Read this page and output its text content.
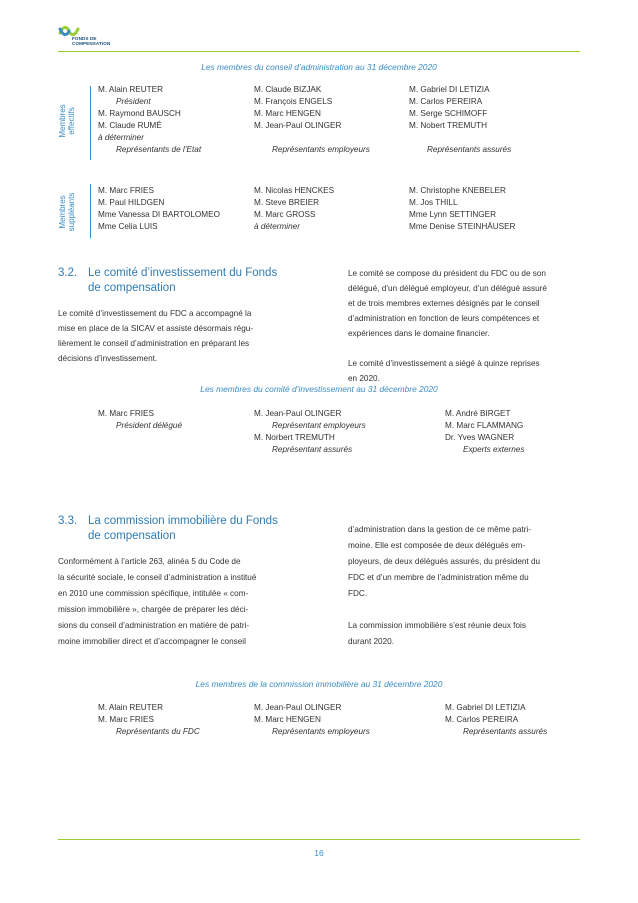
FONDS DE
COMPENSATION
Les membres du conseil d’administration au 31 décembre 2020
Membres effectifs
M. Alain REUTER
Président
M. Raymond BAUSCH
M. Claude RUMÉ
à déterminer
Représentants de l’Etat
M. Claude BIZJAK
M. François ENGELS
M. Marc HENGEN
M. Jean-Paul OLINGER
Représentants employeurs
M. Gabriel DI LETIZIA
M. Carlos PEREIRA
M. Serge SCHIMOFF
M. Nobert TREMUTH
Représentants assurés
Membres suppléants
M. Marc FRIES
M. Paul HILDGEN
Mme Vanessa DI BARTOLOMEO
Mme Celia LUIS
M. Nicolas HENCKES
M. Steve BREIER
M. Marc GROSS
à déterminer
M. Christophe KNEBELER
M. Jos THILL
Mme Lynn SETTINGER
Mme Denise STEINHÄUSER
3.2. Le comité d’investissement du Fonds
de compensation
Le comité d’investissement du FDC a accompagné la
mise en place de la SICAV et assiste désormais régu-
lièrement le conseil d’administration en préparant les
décisions d’investissement.
Le comité se compose du président du FDC ou de son
délégué, d’un délégué employeur, d’un délégué assuré
et de trois membres externes désignés par le conseil
d’administration en fonction de leurs compétences et
expériences dans le domaine financier.
Le comité d’investissement a siégé à quinze reprises
en 2020.
Les membres du comité d’investissement au 31 décembre 2020
M. Marc FRIES
Président délégué
M. Jean-Paul OLINGER
Représentant employeurs
M. Norbert TREMUTH
Représentant assurés
M. André BIRGET
M. Marc FLAMMANG
Dr. Yves WAGNER
Experts externes
3.3. La commission immobilière du Fonds
de compensation
Conformément à l’article 263, alinéa 5 du Code de
la sécurité sociale, le conseil d’administration a institué
en 2010 une commission spécifique, intitulée « com-
mission immobilière », chargée de préparer les déci-
sions du conseil d’administration en matière de patri-
moine immobilier direct et d’accompagner le conseil
d’administration dans la gestion de ce même patri-
moine. Elle est composée de deux délégués em-
ployeurs, de deux délégués assurés, du président du
FDC et d’un membre de l’administration même du
FDC.
La commission immobilière s’est réunie deux fois
durant 2020.
Les membres de la commission immobilière au 31 décembre 2020
M. Alain REUTER
M. Marc FRIES
Représentants du FDC
M. Jean-Paul OLINGER
M. Marc HENGEN
Représentants employeurs
M. Gabriel DI LETIZIA
M. Carlos PEREIRA
Représentants assurés
16
